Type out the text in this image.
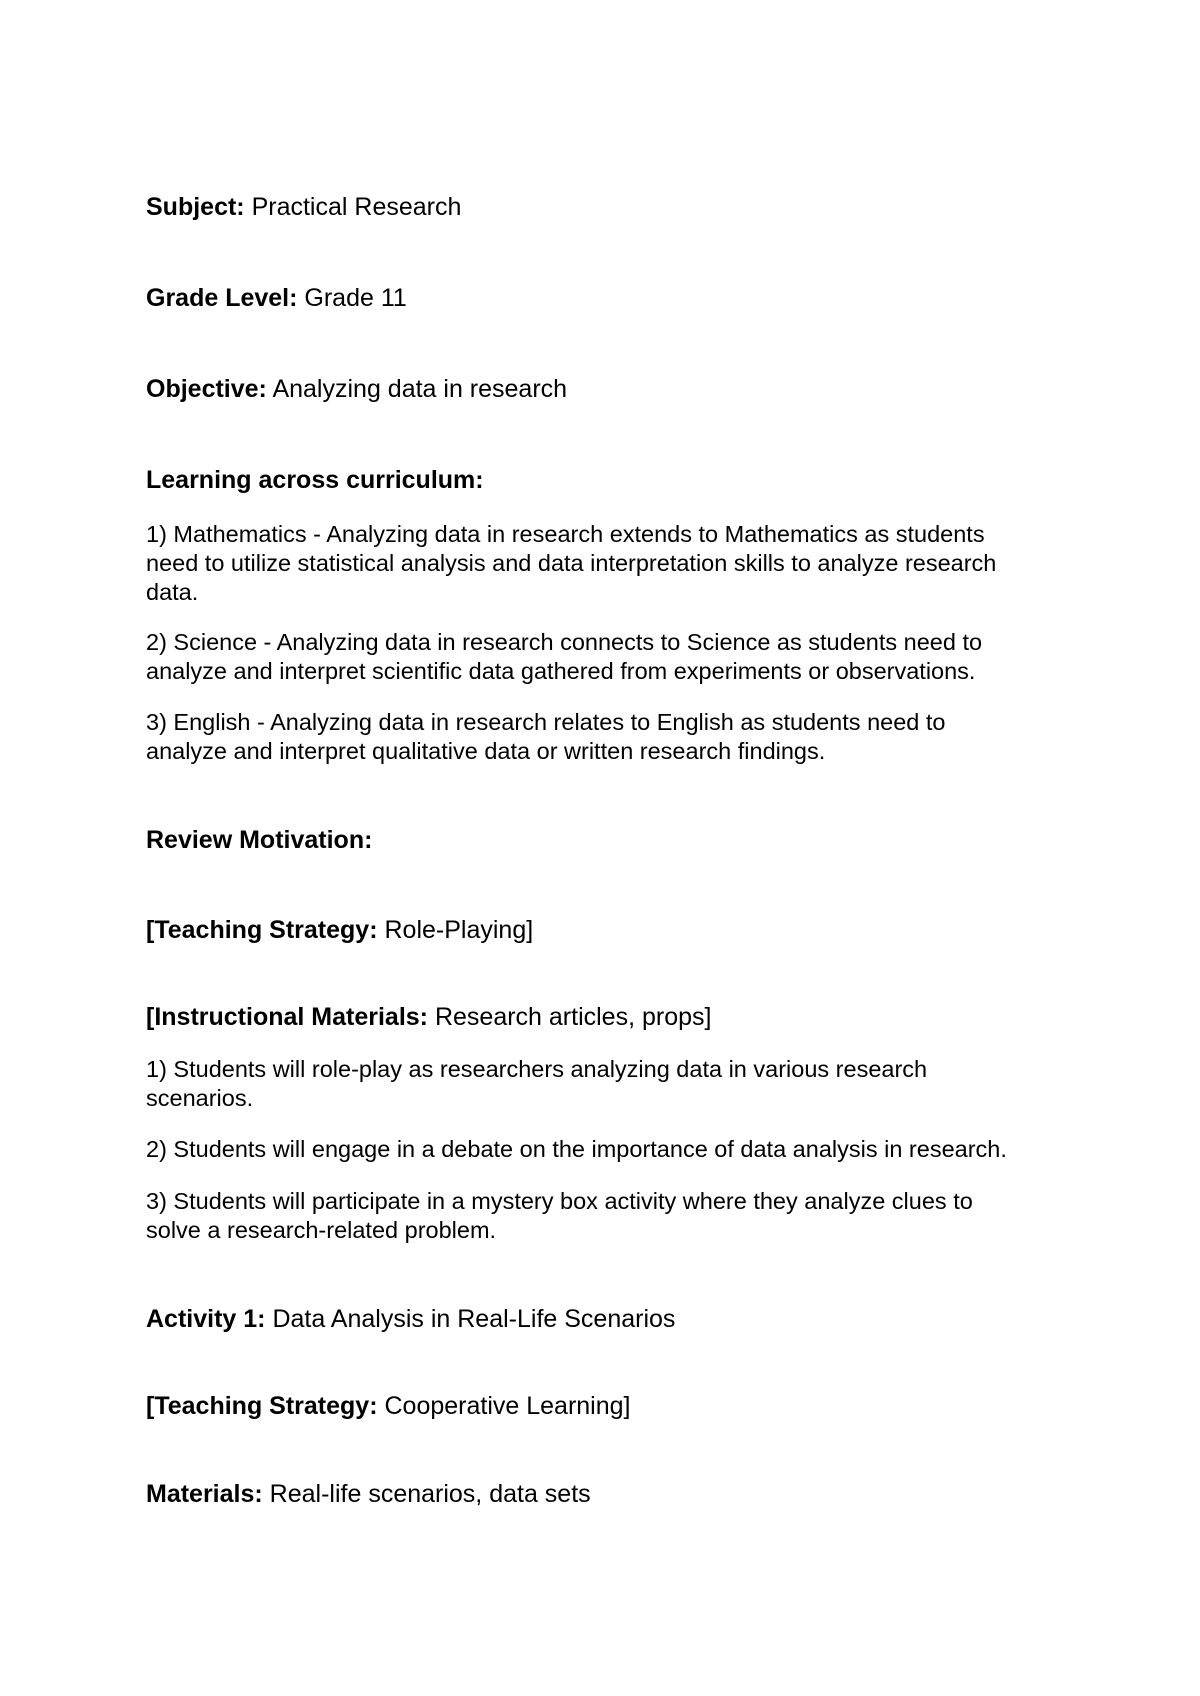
Subject: Practical Research
Grade Level: Grade 11
Objective: Analyzing data in research
Learning across curriculum:
1) Mathematics - Analyzing data in research extends to Mathematics as students
need to utilize statistical analysis and data interpretation skills to analyze research
data.
2) Science - Analyzing data in research connects to Science as students need to
analyze and interpret scientific data gathered from experiments or observations.
3) English - Analyzing data in research relates to English as students need to
analyze and interpret qualitative data or written research findings.
Review Motivation:
[Teaching Strategy: Role-Playing]
[Instructional Materials: Research articles, props]
1) Students will role-play as researchers analyzing data in various research
scenarios.
2) Students will engage in a debate on the importance of data analysis in research.
3) Students will participate in a mystery box activity where they analyze clues to
solve a research-related problem.
Activity 1: Data Analysis in Real-Life Scenarios
[Teaching Strategy: Cooperative Learning]
Materials: Real-life scenarios, data sets
